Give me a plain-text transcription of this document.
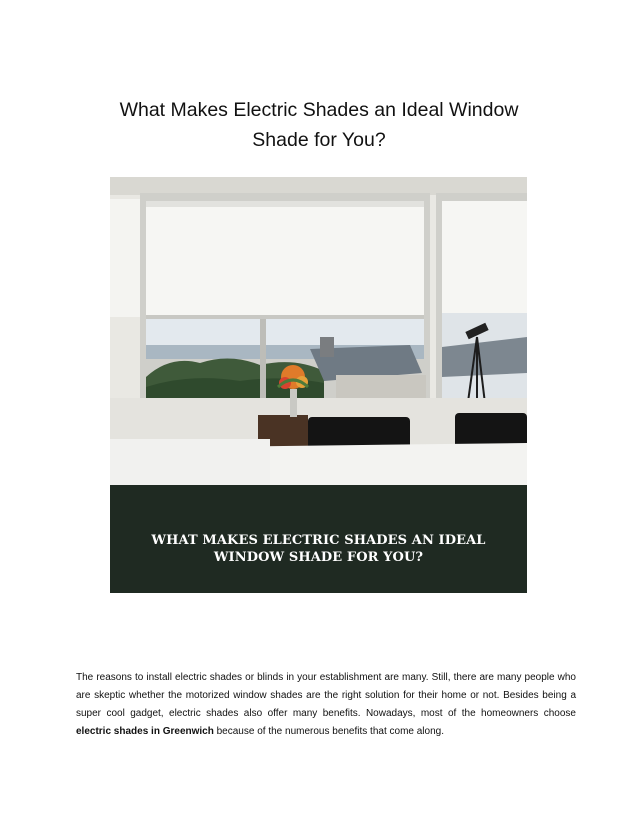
What Makes Electric Shades an Ideal Window
Shade for You?
WHAT MAKES ELECTRIC SHADES AN IDEAL
WINDOW SHADE FOR YOU?
The reasons to install electric shades or blinds in your establishment are many. Still, there are many people who are skeptic whether the motorized window shades are the right solution for their home or not. Besides being a super cool gadget, electric shades also offer many benefits. Nowadays, most of the homeowners choose electric shades in Greenwich because of the numerous benefits that come along.
